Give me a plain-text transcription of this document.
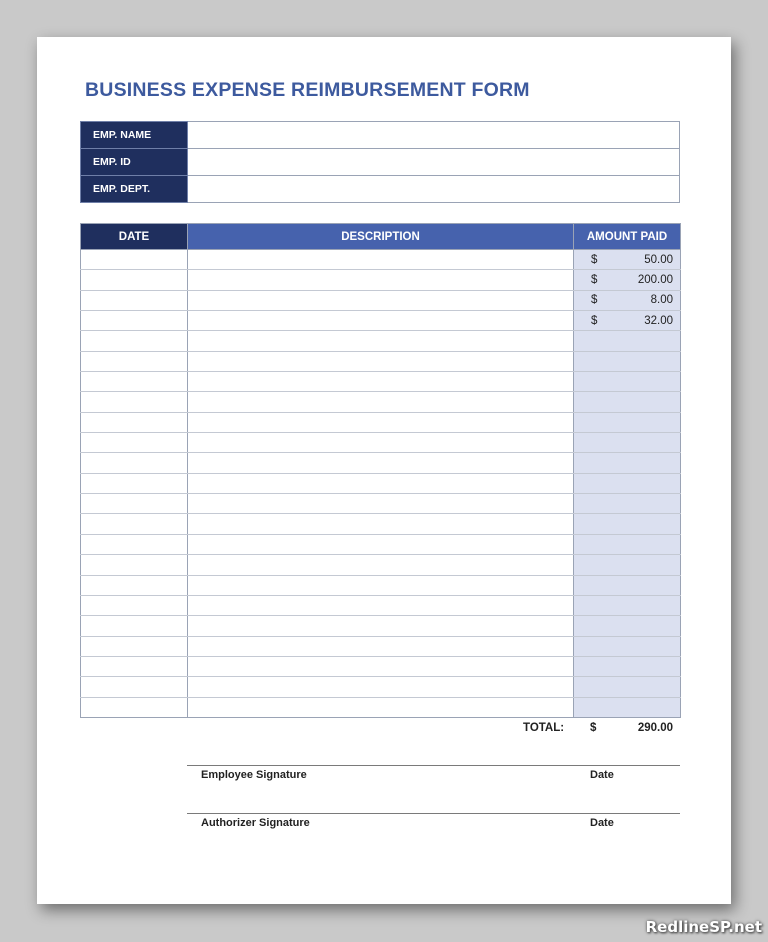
BUSINESS EXPENSE REIMBURSEMENT FORM
EMP. NAME	
EMP. ID	
EMP. DEPT.	
DATE	DESCRIPTION	AMOUNT PAID

		$ 50.00

		$ 200.00

		$ 8.00

		$ 32.00

TOTAL: $	290.00
Employee Signature	Date
Authorizer Signature	Date
RedlineSP.net
